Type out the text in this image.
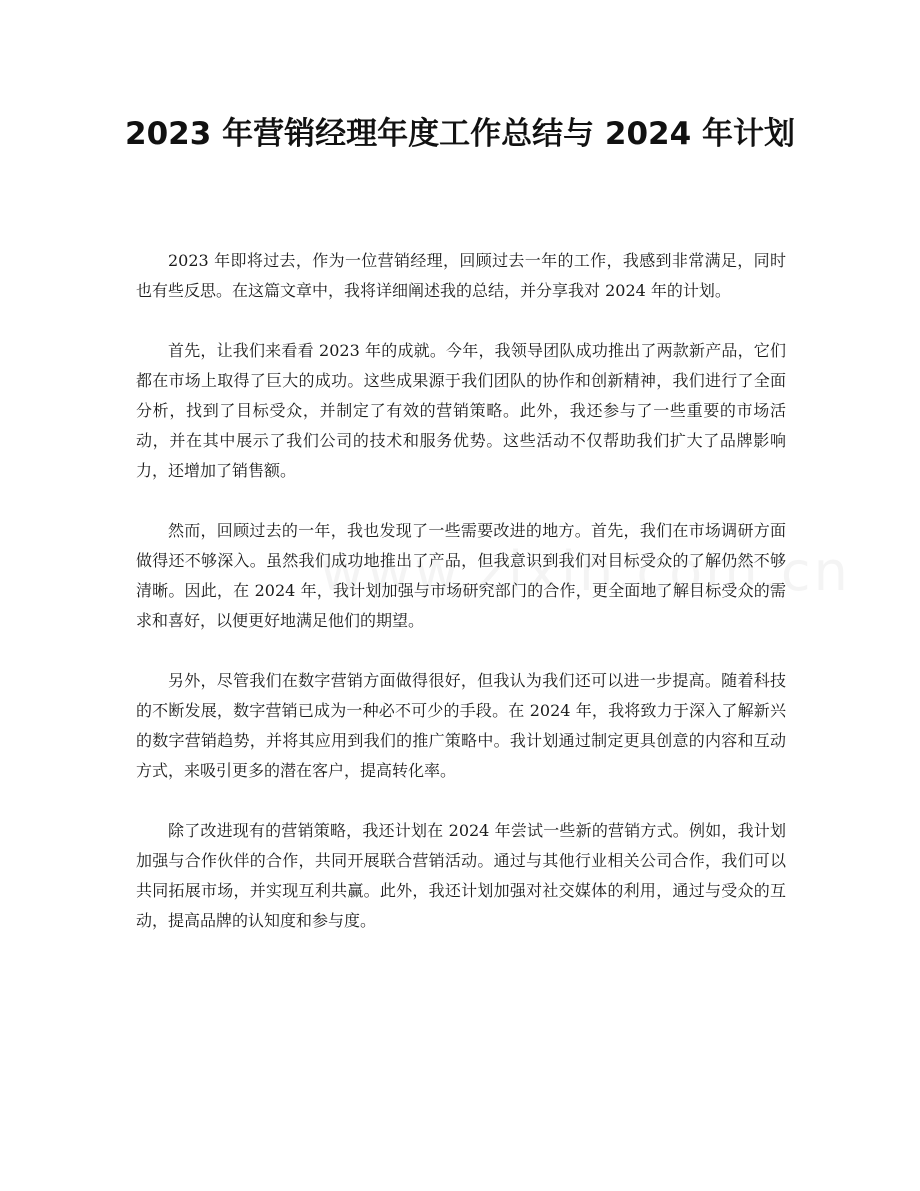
2023 年营销经理年度工作总结与 2024 年计划

2023 年即将过去，作为一位营销经理，回顾过去一年的工作，我感到非常满足，同时也有些反思。在这篇文章中，我将详细阐述我的总结，并分享我对 2024 年的计划。

首先，让我们来看看 2023 年的成就。今年，我领导团队成功推出了两款新产品，它们都在市场上取得了巨大的成功。这些成果源于我们团队的协作和创新精神，我们进行了全面分析，找到了目标受众，并制定了有效的营销策略。此外，我还参与了一些重要的市场活动，并在其中展示了我们公司的技术和服务优势。这些活动不仅帮助我们扩大了品牌影响力，还增加了销售额。

然而，回顾过去的一年，我也发现了一些需要改进的地方。首先，我们在市场调研方面做得还不够深入。虽然我们成功地推出了产品，但我意识到我们对目标受众的了解仍然不够清晰。因此，在 2024 年，我计划加强与市场研究部门的合作，更全面地了解目标受众的需求和喜好，以便更好地满足他们的期望。

另外，尽管我们在数字营销方面做得很好，但我认为我们还可以进一步提高。随着科技的不断发展，数字营销已成为一种必不可少的手段。在 2024 年，我将致力于深入了解新兴的数字营销趋势，并将其应用到我们的推广策略中。我计划通过制定更具创意的内容和互动方式，来吸引更多的潜在客户，提高转化率。

除了改进现有的营销策略，我还计划在 2024 年尝试一些新的营销方式。例如，我计划加强与合作伙伴的合作，共同开展联合营销活动。通过与其他行业相关公司合作，我们可以共同拓展市场，并实现互利共赢。此外，我还计划加强对社交媒体的利用，通过与受众的互动，提高品牌的认知度和参与度。
